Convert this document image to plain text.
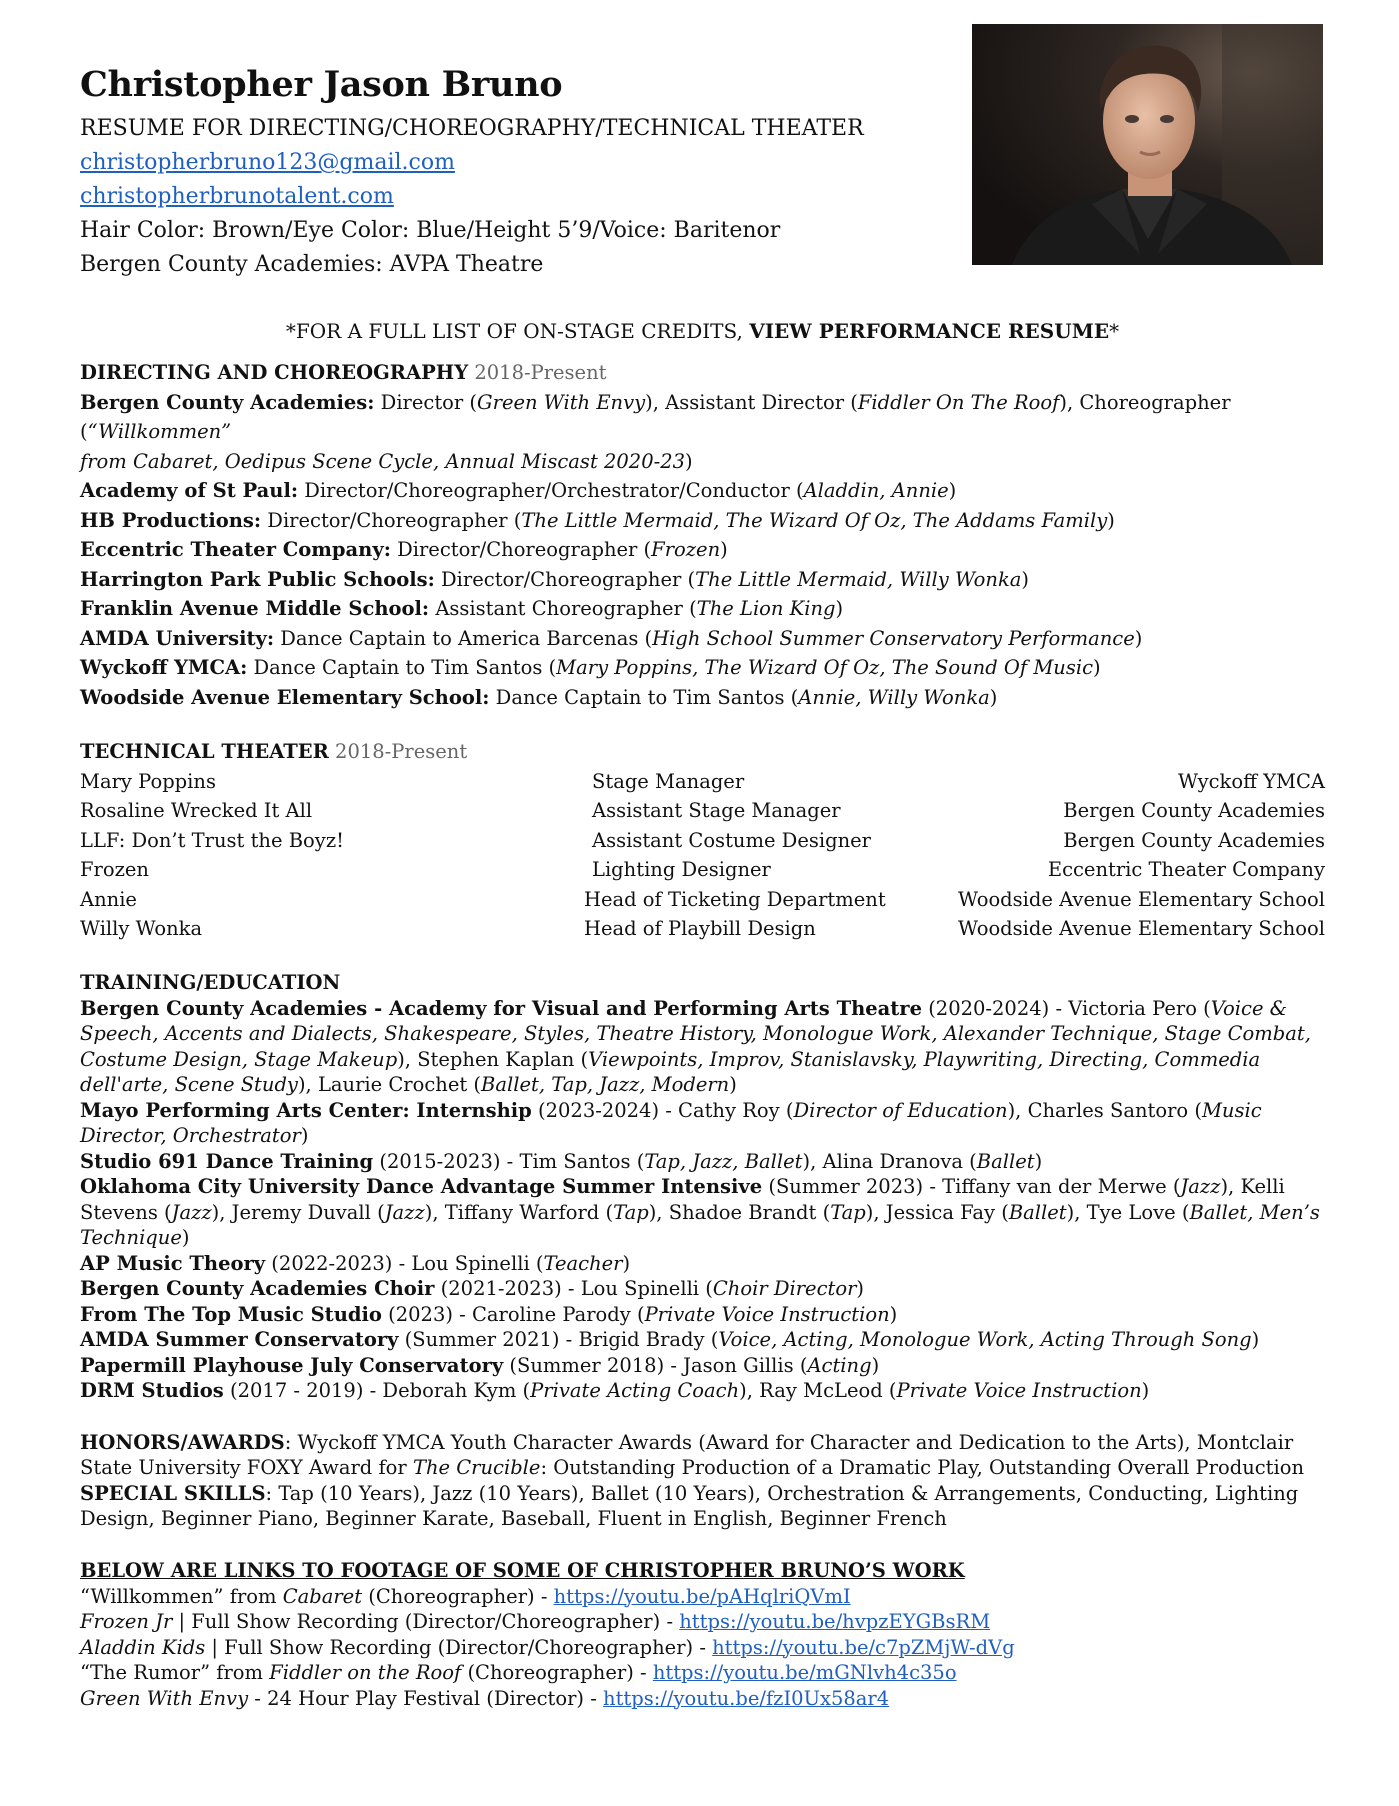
Christopher Jason Bruno
RESUME FOR DIRECTING/CHOREOGRAPHY/TECHNICAL THEATER
christopherbruno123@gmail.com
christopherbrunotalent.com
Hair Color: Brown/Eye Color: Blue/Height 5’9/Voice: Baritenor
Bergen County Academies: AVPA Theatre
*FOR A FULL LIST OF ON-STAGE CREDITS, VIEW PERFORMANCE RESUME*
DIRECTING AND CHOREOGRAPHY 2018-Present
Bergen County Academies: Director (Green With Envy), Assistant Director (Fiddler On The Roof), Choreographer (“Willkommen”
from Cabaret, Oedipus Scene Cycle, Annual Miscast 2020-23)
Academy of St Paul: Director/Choreographer/Orchestrator/Conductor (Aladdin, Annie)
HB Productions: Director/Choreographer (The Little Mermaid, The Wizard Of Oz, The Addams Family)
Eccentric Theater Company: Director/Choreographer (Frozen)
Harrington Park Public Schools: Director/Choreographer (The Little Mermaid, Willy Wonka)
Franklin Avenue Middle School: Assistant Choreographer (The Lion King)
AMDA University: Dance Captain to America Barcenas (High School Summer Conservatory Performance)
Wyckoff YMCA: Dance Captain to Tim Santos (Mary Poppins, The Wizard Of Oz, The Sound Of Music)
Woodside Avenue Elementary School: Dance Captain to Tim Santos (Annie, Willy Wonka)
TECHNICAL THEATER 2018-Present
Mary Poppins	Stage Manager	Wyckoff YMCA
Rosaline Wrecked It All	Assistant Stage Manager	Bergen County Academies
LLF: Don’t Trust the Boyz!	Assistant Costume Designer	Bergen County Academies
Frozen	Lighting Designer	Eccentric Theater Company
Annie	Head of Ticketing Department	Woodside Avenue Elementary School
Willy Wonka	Head of Playbill Design	Woodside Avenue Elementary School
TRAINING/EDUCATION
Bergen County Academies - Academy for Visual and Performing Arts Theatre (2020-2024) - Victoria Pero (Voice & Speech, Accents and Dialects, Shakespeare, Styles, Theatre History, Monologue Work, Alexander Technique, Stage Combat, Costume Design, Stage Makeup), Stephen Kaplan (Viewpoints, Improv, Stanislavsky, Playwriting, Directing, Commedia dell'arte, Scene Study), Laurie Crochet (Ballet, Tap, Jazz, Modern)
Mayo Performing Arts Center: Internship (2023-2024) - Cathy Roy (Director of Education), Charles Santoro (Music Director, Orchestrator)
Studio 691 Dance Training (2015-2023) - Tim Santos (Tap, Jazz, Ballet), Alina Dranova (Ballet)
Oklahoma City University Dance Advantage Summer Intensive (Summer 2023) - Tiffany van der Merwe (Jazz), Kelli Stevens (Jazz), Jeremy Duvall (Jazz), Tiffany Warford (Tap), Shadoe Brandt (Tap), Jessica Fay (Ballet), Tye Love (Ballet, Men’s Technique)
AP Music Theory (2022-2023) - Lou Spinelli (Teacher)
Bergen County Academies Choir (2021-2023) - Lou Spinelli (Choir Director)
From The Top Music Studio (2023) - Caroline Parody (Private Voice Instruction)
AMDA Summer Conservatory (Summer 2021) - Brigid Brady (Voice, Acting, Monologue Work, Acting Through Song)
Papermill Playhouse July Conservatory (Summer 2018) - Jason Gillis (Acting)
DRM Studios (2017 - 2019) - Deborah Kym (Private Acting Coach), Ray McLeod (Private Voice Instruction)
HONORS/AWARDS: Wyckoff YMCA Youth Character Awards (Award for Character and Dedication to the Arts), Montclair State University FOXY Award for The Crucible: Outstanding Production of a Dramatic Play, Outstanding Overall Production
SPECIAL SKILLS: Tap (10 Years), Jazz (10 Years), Ballet (10 Years), Orchestration & Arrangements, Conducting, Lighting Design, Beginner Piano, Beginner Karate, Baseball, Fluent in English, Beginner French
BELOW ARE LINKS TO FOOTAGE OF SOME OF CHRISTOPHER BRUNO’S WORK
“Willkommen” from Cabaret (Choreographer) - https://youtu.be/pAHqlriQVmI
Frozen Jr | Full Show Recording (Director/Choreographer) - https://youtu.be/hvpzEYGBsRM
Aladdin Kids | Full Show Recording (Director/Choreographer) - https://youtu.be/c7pZMjW-dVg
“The Rumor” from Fiddler on the Roof (Choreographer) - https://youtu.be/mGNlvh4c35o
Green With Envy - 24 Hour Play Festival (Director) - https://youtu.be/fzI0Ux58ar4
